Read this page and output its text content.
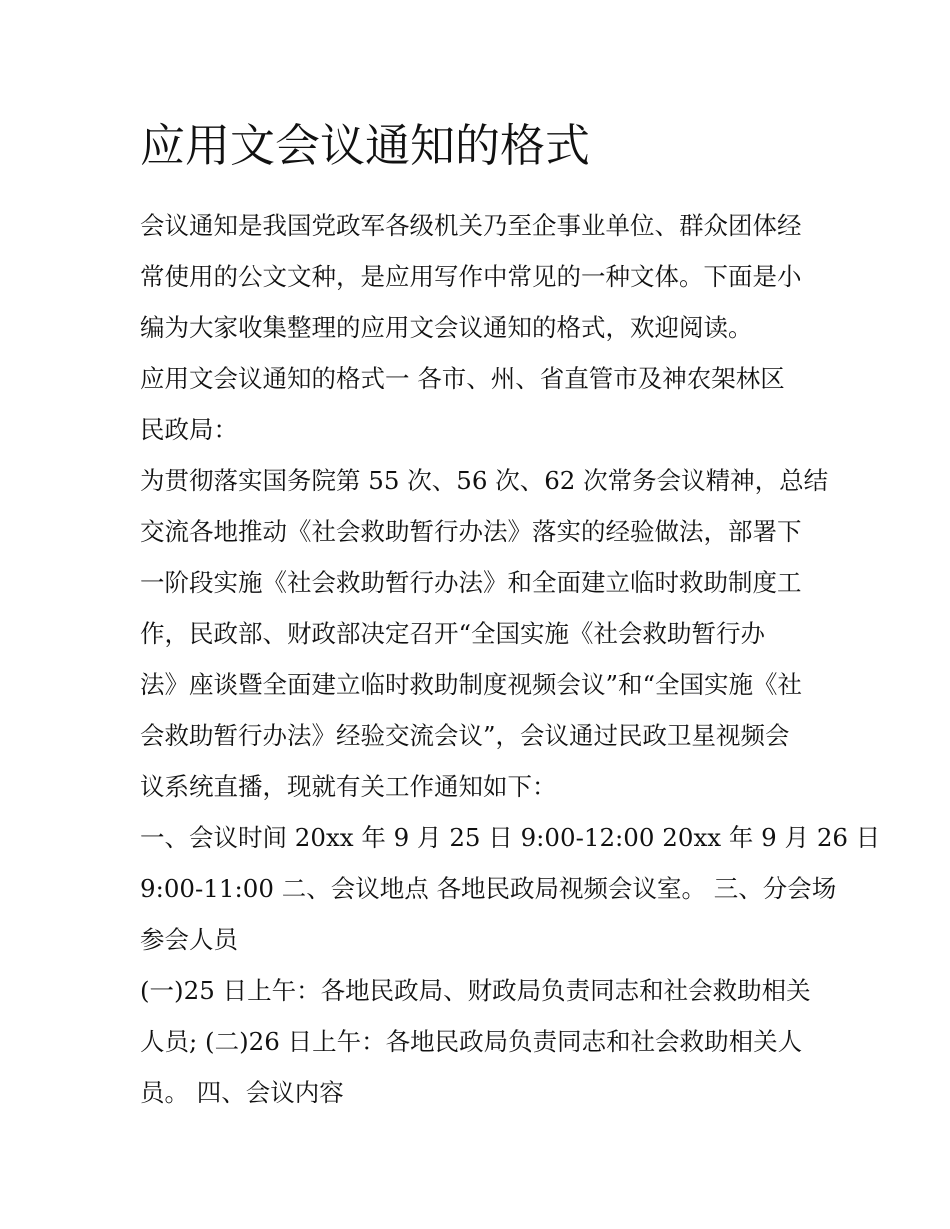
应用文会议通知的格式
会议通知是我国党政军各级机关乃至企事业单位、群众团体经
常使用的公文文种，是应用写作中常见的一种文体。下面是小
编为大家收集整理的应用文会议通知的格式，欢迎阅读。
应用文会议通知的格式一 各市、州、省直管市及神农架林区
民政局：
为贯彻落实国务院第 55 次、56 次、62 次常务会议精神，总结
交流各地推动《社会救助暂行办法》落实的经验做法，部署下
一阶段实施《社会救助暂行办法》和全面建立临时救助制度工
作，民政部、财政部决定召开“全国实施《社会救助暂行办
法》座谈暨全面建立临时救助制度视频会议”和“全国实施《社
会救助暂行办法》经验交流会议”，会议通过民政卫星视频会
议系统直播，现就有关工作通知如下：
一、会议时间 20xx 年 9 月 25 日 9:00-12:00 20xx 年 9 月 26 日
9:00-11:00 二、会议地点 各地民政局视频会议室。 三、分会场
参会人员
(一)25 日上午：各地民政局、财政局负责同志和社会救助相关
人员; (二)26 日上午：各地民政局负责同志和社会救助相关人
员。 四、会议内容
